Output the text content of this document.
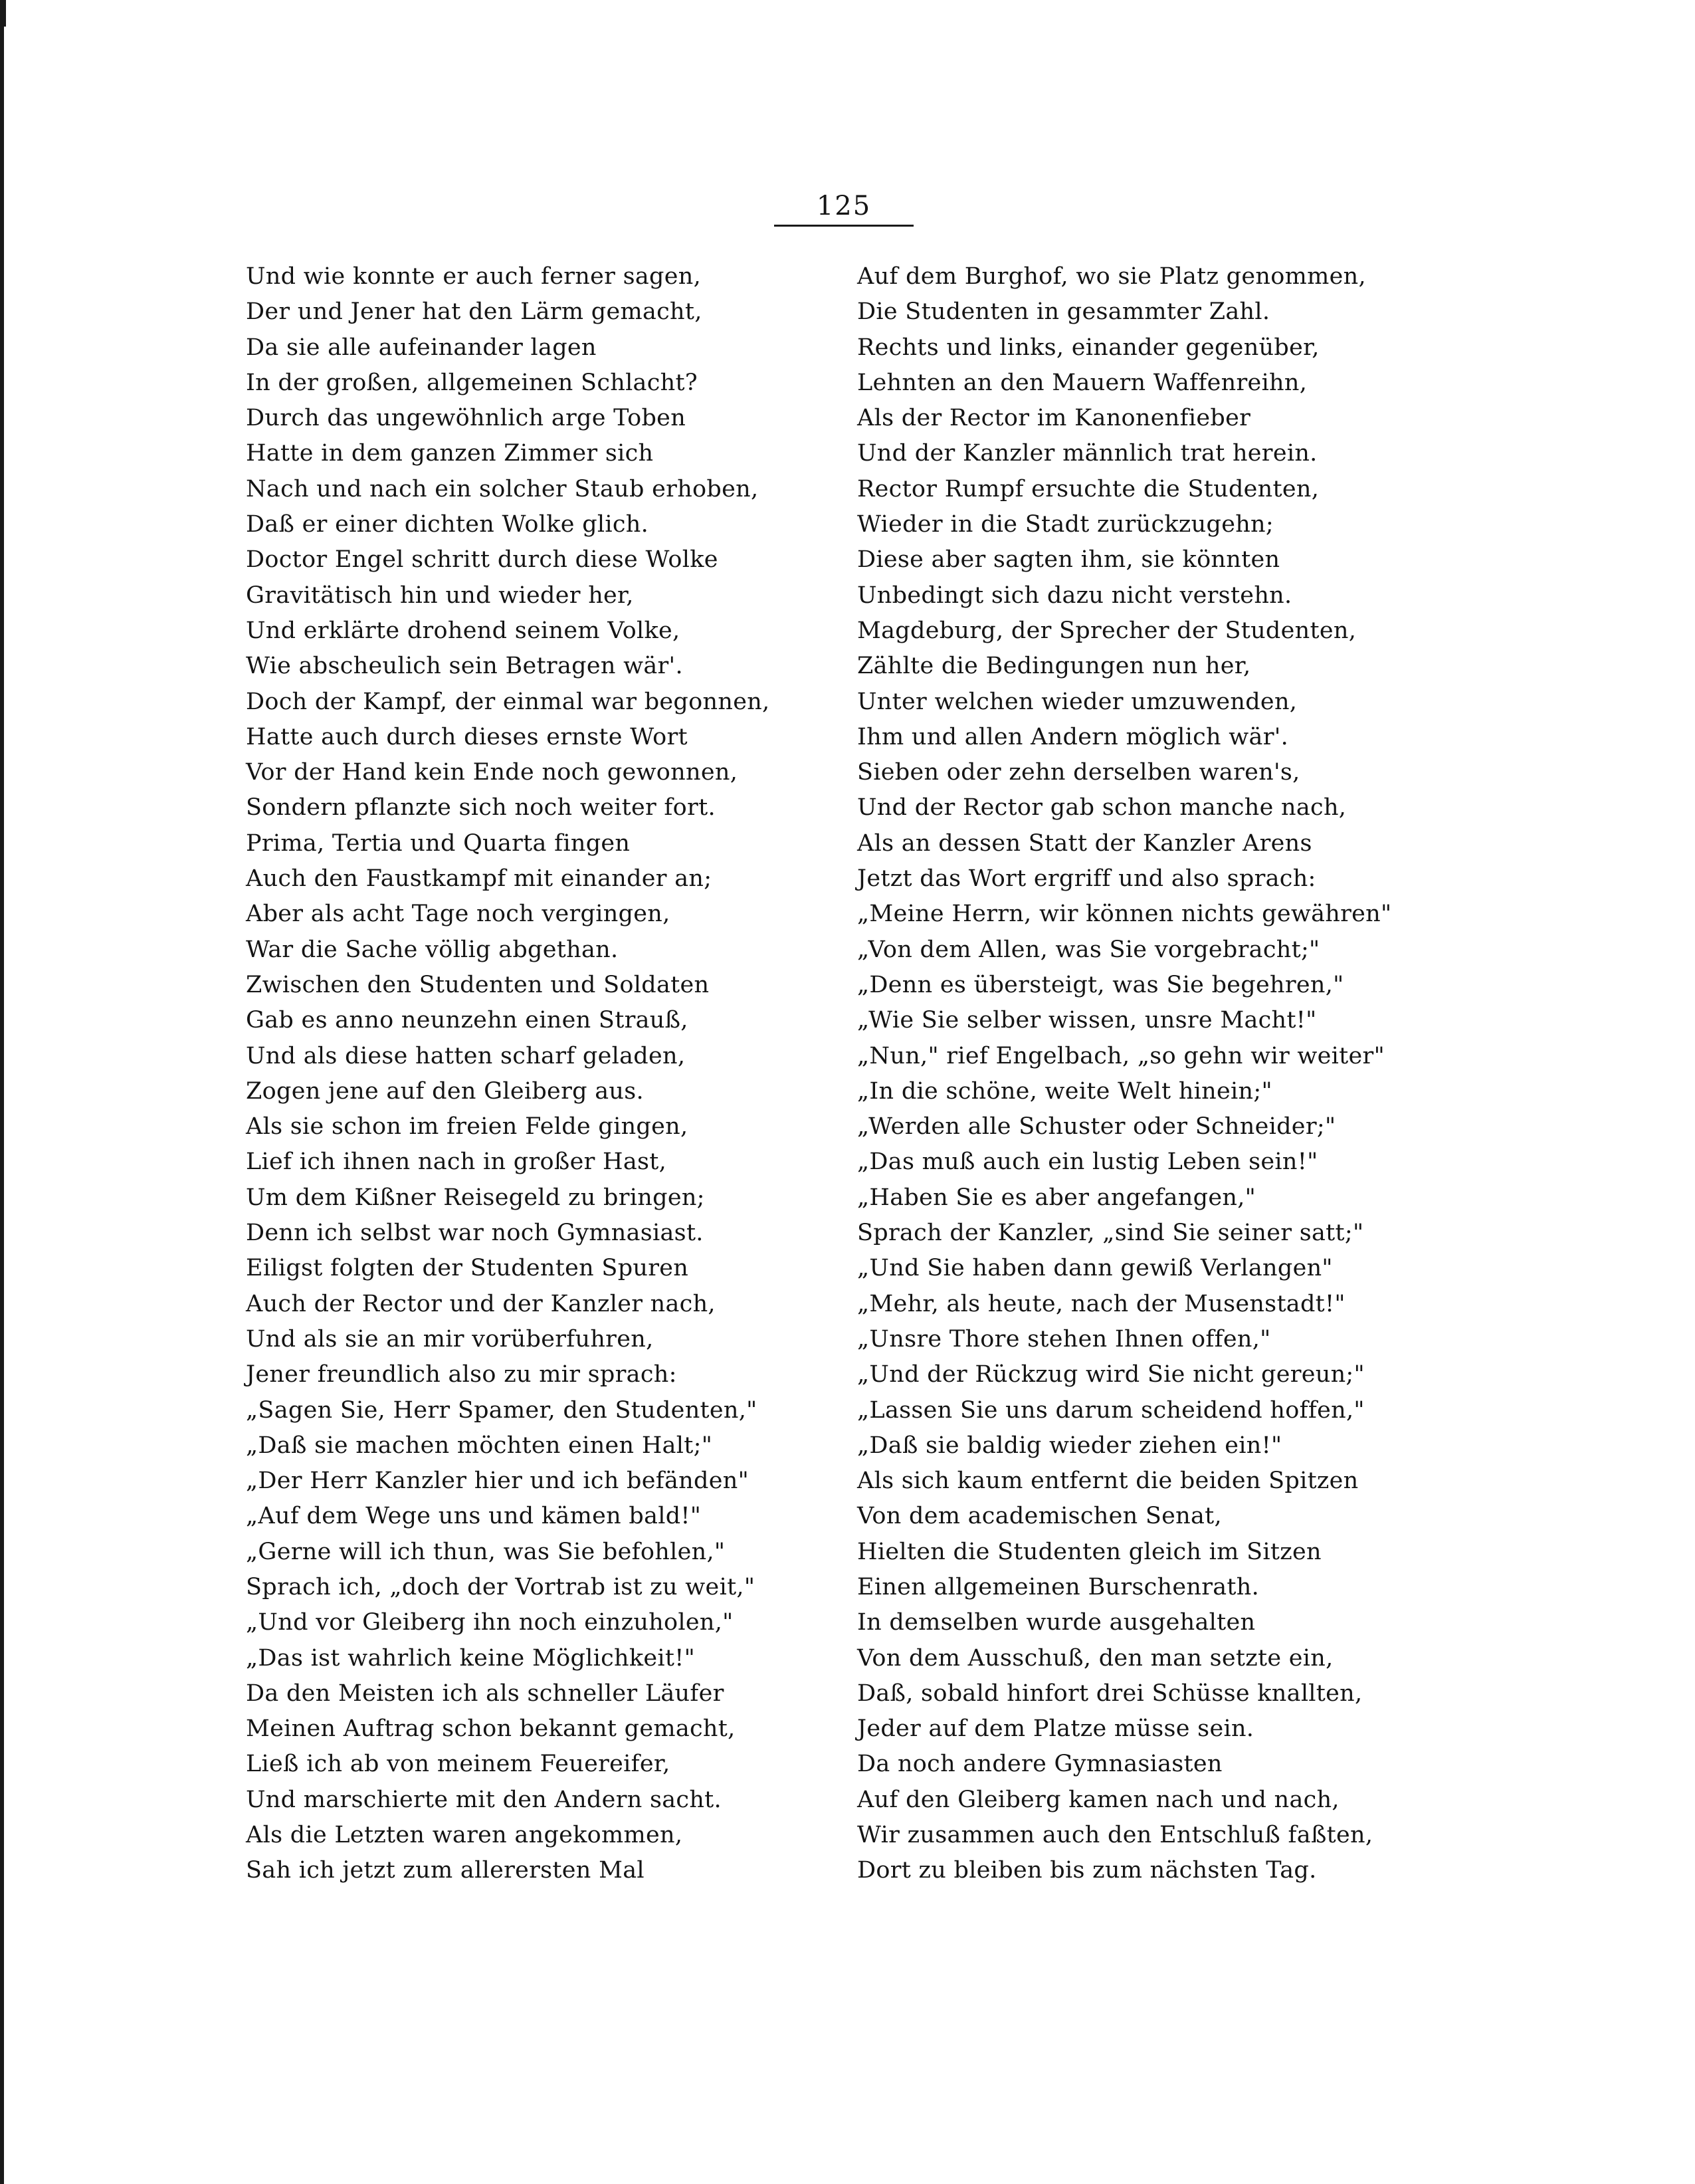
125
Und wie konnte er auch ferner sagen,
Der und Jener hat den Lärm gemacht,
Da sie alle aufeinander lagen
In der großen, allgemeinen Schlacht?
Durch das ungewöhnlich arge Toben
Hatte in dem ganzen Zimmer sich
Nach und nach ein solcher Staub erhoben,
Daß er einer dichten Wolke glich.
Doctor Engel schritt durch diese Wolke
Gravitätisch hin und wieder her,
Und erklärte drohend seinem Volke,
Wie abscheulich sein Betragen wär'.
Doch der Kampf, der einmal war begonnen,
Hatte auch durch dieses ernste Wort
Vor der Hand kein Ende noch gewonnen,
Sondern pflanzte sich noch weiter fort.
Prima, Tertia und Quarta fingen
Auch den Faustkampf mit einander an;
Aber als acht Tage noch vergingen,
War die Sache völlig abgethan.
Zwischen den Studenten und Soldaten
Gab es anno neunzehn einen Strauß,
Und als diese hatten scharf geladen,
Zogen jene auf den Gleiberg aus.
Als sie schon im freien Felde gingen,
Lief ich ihnen nach in großer Hast,
Um dem Kißner Reisegeld zu bringen;
Denn ich selbst war noch Gymnasiast.
Eiligst folgten der Studenten Spuren
Auch der Rector und der Kanzler nach,
Und als sie an mir vorüberfuhren,
Jener freundlich also zu mir sprach:
„Sagen Sie, Herr Spamer, den Studenten,"
„Daß sie machen möchten einen Halt;"
„Der Herr Kanzler hier und ich befänden"
„Auf dem Wege uns und kämen bald!"
„Gerne will ich thun, was Sie befohlen,"
Sprach ich, „doch der Vortrab ist zu weit,"
„Und vor Gleiberg ihn noch einzuholen,"
„Das ist wahrlich keine Möglichkeit!"
Da den Meisten ich als schneller Läufer
Meinen Auftrag schon bekannt gemacht,
Ließ ich ab von meinem Feuereifer,
Und marschierte mit den Andern sacht.
Als die Letzten waren angekommen,
Sah ich jetzt zum allerersten Mal
Auf dem Burghof, wo sie Platz genommen,
Die Studenten in gesammter Zahl.
Rechts und links, einander gegenüber,
Lehnten an den Mauern Waffenreihn,
Als der Rector im Kanonenfieber
Und der Kanzler männlich trat herein.
Rector Rumpf ersuchte die Studenten,
Wieder in die Stadt zurückzugehn;
Diese aber sagten ihm, sie könnten
Unbedingt sich dazu nicht verstehn.
Magdeburg, der Sprecher der Studenten,
Zählte die Bedingungen nun her,
Unter welchen wieder umzuwenden,
Ihm und allen Andern möglich wär'.
Sieben oder zehn derselben waren's,
Und der Rector gab schon manche nach,
Als an dessen Statt der Kanzler Arens
Jetzt das Wort ergriff und also sprach:
„Meine Herrn, wir können nichts gewähren"
„Von dem Allen, was Sie vorgebracht;"
„Denn es übersteigt, was Sie begehren,"
„Wie Sie selber wissen, unsre Macht!"
„Nun," rief Engelbach, „so gehn wir weiter"
„In die schöne, weite Welt hinein;"
„Werden alle Schuster oder Schneider;"
„Das muß auch ein lustig Leben sein!"
„Haben Sie es aber angefangen,"
Sprach der Kanzler, „sind Sie seiner satt;"
„Und Sie haben dann gewiß Verlangen"
„Mehr, als heute, nach der Musenstadt!"
„Unsre Thore stehen Ihnen offen,"
„Und der Rückzug wird Sie nicht gereun;"
„Lassen Sie uns darum scheidend hoffen,"
„Daß sie baldig wieder ziehen ein!"
Als sich kaum entfernt die beiden Spitzen
Von dem academischen Senat,
Hielten die Studenten gleich im Sitzen
Einen allgemeinen Burschenrath.
In demselben wurde ausgehalten
Von dem Ausschuß, den man setzte ein,
Daß, sobald hinfort drei Schüsse knallten,
Jeder auf dem Platze müsse sein.
Da noch andere Gymnasiasten
Auf den Gleiberg kamen nach und nach,
Wir zusammen auch den Entschluß faßten,
Dort zu bleiben bis zum nächsten Tag.
